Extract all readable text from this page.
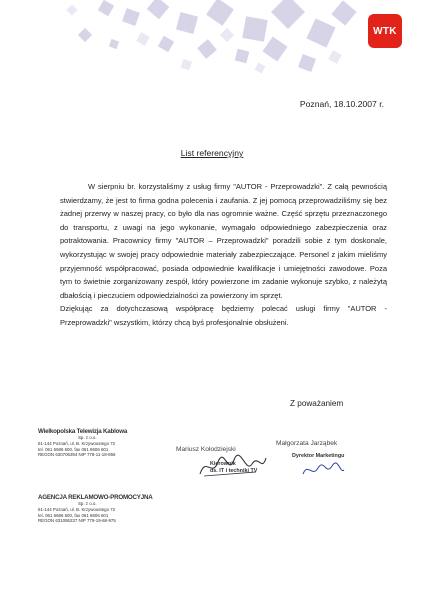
WTK
Poznań, 18.10.2007 r.
List referencyjny

W sierpniu br. korzystaliśmy z usług firmy "AUTOR - Przeprowadzki". Z całą pewnością stwierdzamy, że jest to firma godna polecenia i zaufania. Z jej pomocą przeprowadziliśmy się bez żadnej przerwy w naszej pracy, co było dla nas ogromnie ważne. Część sprzętu przeznaczonego do transportu, z uwagi na jego wykonanie, wymagało odpowiedniego zabezpieczenia oraz potraktowania. Pracownicy firmy "AUTOR – Przeprowadzki" poradzili sobie z tym doskonale, wykorzystując w swojej pracy odpowiednie materiały zabezpieczające. Personel z jakim mieliśmy przyjemność współpracować, posiada odpowiednie kwalifikacje i umiejętności zawodowe. Poza tym to świetnie zorganizowany zespół, który powierzone im zadanie wykonuje szybko, z należytą dbałością i pieczuciem odpowiedzialności za powierzony im sprzęt.

Dziękując za dotychczasową współpracę będziemy polecać usługi firmy "AUTOR - Przeprowadzki" wszystkim, którzy chcą byś profesjonalnie obsłużeni.

Z poważaniem
Wielkopolska Telewizja Kablowa
Sp. z o.o.
61-144 Poznań, ul. B. Krzywoustego 72
tel. 061 6686 600, fax 061 8606 601
REGON 630706394 NIP 778-11-18-866
AGENCJA REKLAMOWO-PROMOCYJNA
Sp. z o.o.
61-144 Poznań, ul. B. Krzywoustego 72
tel. 061 6686 600, fax 061 8606 601
REGON 631086237 NIP 779-19-68-975
Mariusz Kołodziejski
Kierownik
ds. IT i techniki TV
Małgorzata Jarząbek
Dyrektor Marketingu
